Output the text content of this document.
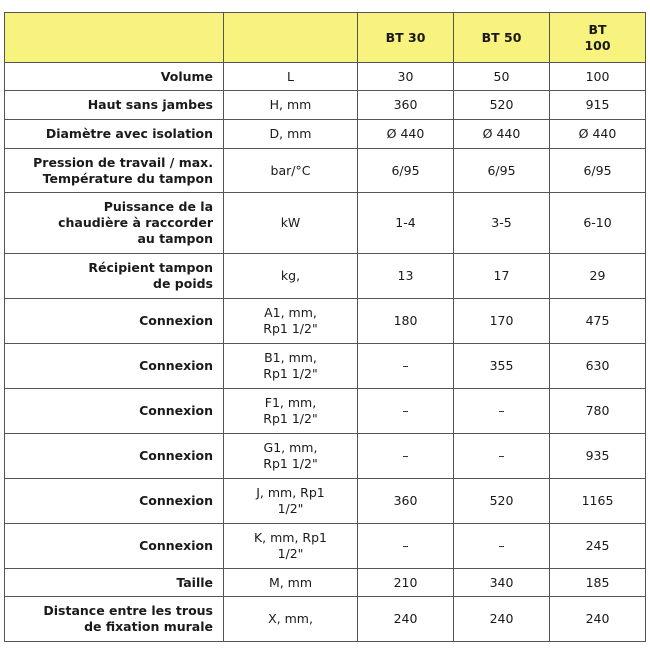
		BT 30	BT 50	BT
100
Volume	L	30	50	100
Haut sans jambes	H, mm	360	520	915
Diamètre avec isolation	D, mm	Ø 440	Ø 440	Ø 440
Pression de travail / max.
Température du tampon	bar/°C	6/95	6/95	6/95
Puissance de la
chaudière à raccorder
au tampon	kW	1-4	3-5	6-10
Récipient tampon
de poids	kg,	13	17	29
Connexion	A1, mm,
Rp1 1/2"	180	170	475
Connexion	B1, mm,
Rp1 1/2"	–	355	630
Connexion	F1, mm,
Rp1 1/2"	–	–	780
Connexion	G1, mm,
Rp1 1/2"	–	–	935
Connexion	J, mm, Rp1
1/2"	360	520	1165
Connexion	K, mm, Rp1
1/2"	–	–	245
Taille	M, mm	210	340	185
Distance entre les trous
de fixation murale	X, mm,	240	240	240
